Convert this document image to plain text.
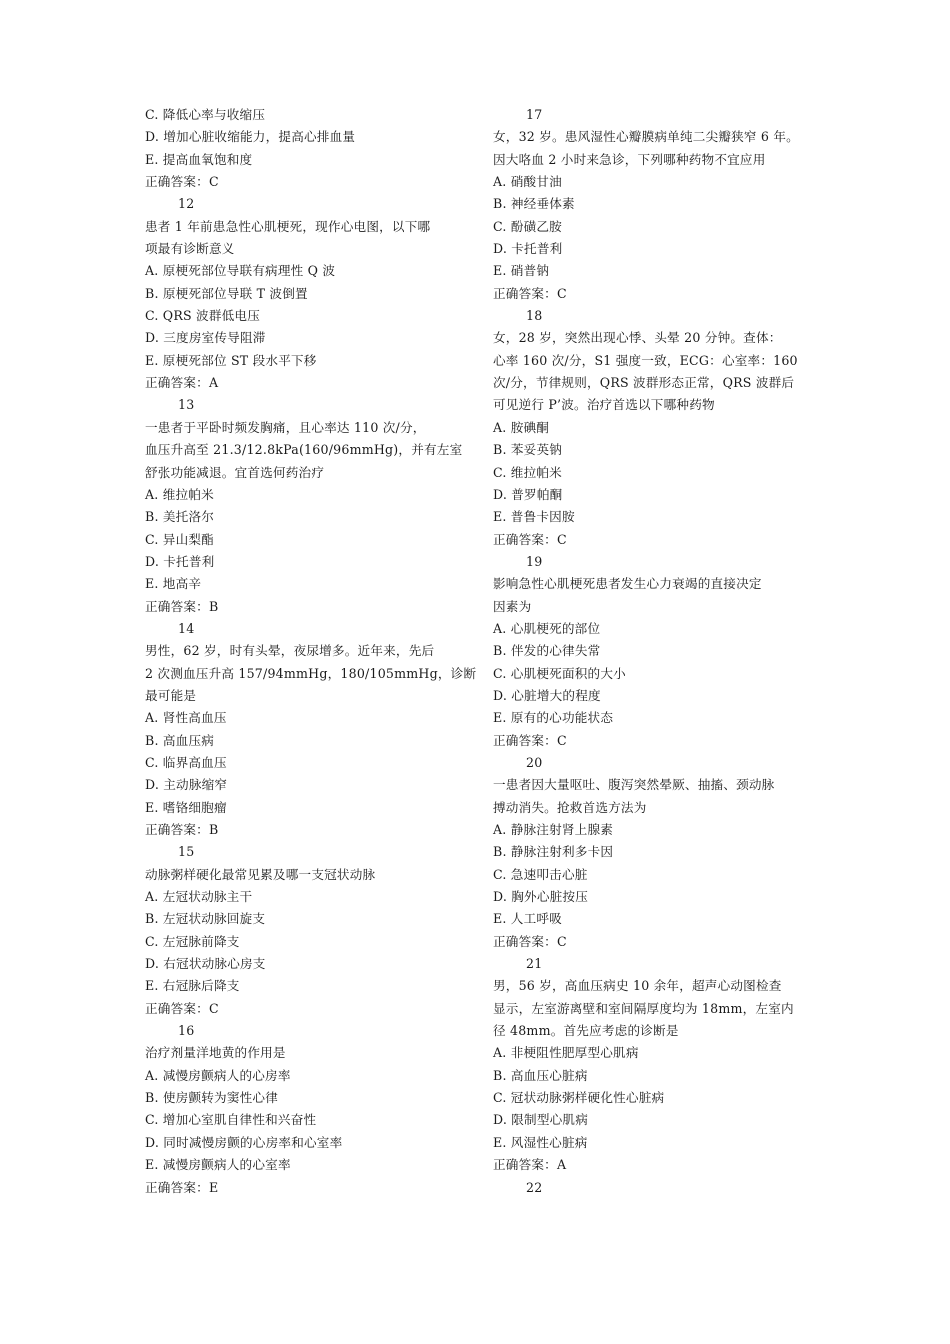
C. 降低心率与收缩压
D. 增加心脏收缩能力，提高心排血量
E. 提高血氧饱和度
正确答案：C
12
患者 1 年前患急性心肌梗死，现作心电图，以下哪
项最有诊断意义
A. 原梗死部位导联有病理性 Q 波
B. 原梗死部位导联 T 波倒置
C. QRS 波群低电压
D. 三度房室传导阻滞
E. 原梗死部位 ST 段水平下移
正确答案：A
13
一患者于平卧时频发胸痛，且心率达 110 次/分，
血压升高至 21.3/12.8kPa(160/96mmHg)，并有左室
舒张功能减退。宜首选何药治疗
A. 维拉帕米
B. 美托洛尔
C. 异山梨酯
D. 卡托普利
E. 地高辛
正确答案：B
14
男性，62 岁，时有头晕，夜尿增多。近年来，先后
2 次测血压升高 157/94mmHg，180/105mmHg，诊断
最可能是
A. 肾性高血压
B. 高血压病
C. 临界高血压
D. 主动脉缩窄
E. 嗜铬细胞瘤
正确答案：B
15
动脉粥样硬化最常见累及哪一支冠状动脉
A. 左冠状动脉主干
B. 左冠状动脉回旋支
C. 左冠脉前降支
D. 右冠状动脉心房支
E. 右冠脉后降支
正确答案：C
16
治疗剂量洋地黄的作用是
A. 减慢房颤病人的心房率
B. 使房颤转为窦性心律
C. 增加心室肌自律性和兴奋性
D. 同时减慢房颤的心房率和心室率
E. 减慢房颤病人的心室率
正确答案：E
17
女，32 岁。患风湿性心瓣膜病单纯二尖瓣狭窄 6 年。
因大咯血 2 小时来急诊，下列哪种药物不宜应用
A. 硝酸甘油
B. 神经垂体素
C. 酚磺乙胺
D. 卡托普利
E. 硝普钠
正确答案：C
18
女，28 岁，突然出现心悸、头晕 20 分钟。查体：
心率 160 次/分，S1 强度一致，ECG：心室率：160
次/分，节律规则，QRS 波群形态正常，QRS 波群后
可见逆行 P’波。治疗首选以下哪种药物
A. 胺碘酮
B. 苯妥英钠
C. 维拉帕米
D. 普罗帕酮
E. 普鲁卡因胺
正确答案：C
19
影响急性心肌梗死患者发生心力衰竭的直接决定
因素为
A. 心肌梗死的部位
B. 伴发的心律失常
C. 心肌梗死面积的大小
D. 心脏增大的程度
E. 原有的心功能状态
正确答案：C
20
一患者因大量呕吐、腹泻突然晕厥、抽搐、颈动脉
搏动消失。抢救首选方法为
A. 静脉注射肾上腺素
B. 静脉注射利多卡因
C. 急速叩击心脏
D. 胸外心脏按压
E. 人工呼吸
正确答案：C
21
男，56 岁，高血压病史 10 余年，超声心动图检查
显示，左室游离壁和室间隔厚度均为 18mm，左室内
径 48mm。首先应考虑的诊断是
A. 非梗阻性肥厚型心肌病
B. 高血压心脏病
C. 冠状动脉粥样硬化性心脏病
D. 限制型心肌病
E. 风湿性心脏病
正确答案：A
22
